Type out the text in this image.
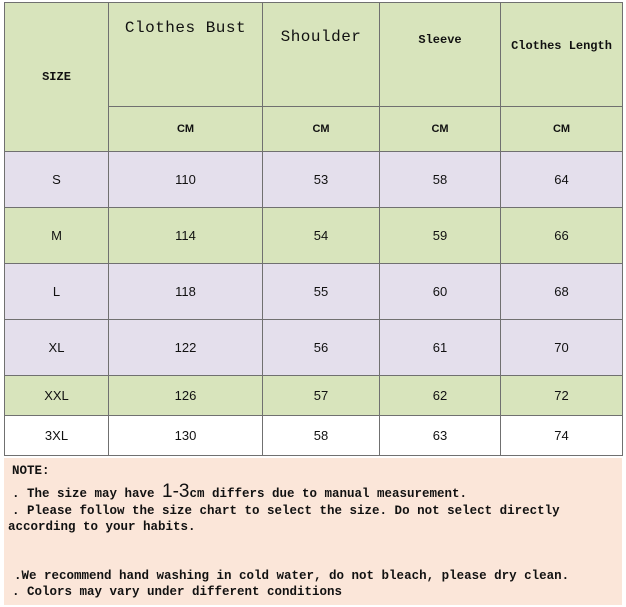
SIZE	Clothes Bust	Shoulder	Sleeve	Clothes Length
	CM	CM	CM	CM
S	110	53	58	64
M	114	54	59	66
L	118	55	60	68
XL	122	56	61	70
XXL	126	57	62	72
3XL	130	58	63	74
NOTE:
. The size may have 1-3cm differs due to manual measurement.
. Please follow the size chart to select the size. Do not select directly
according to your habits.
.We recommend hand washing in cold water, do not bleach, please dry clean.
. Colors may vary under different conditions
